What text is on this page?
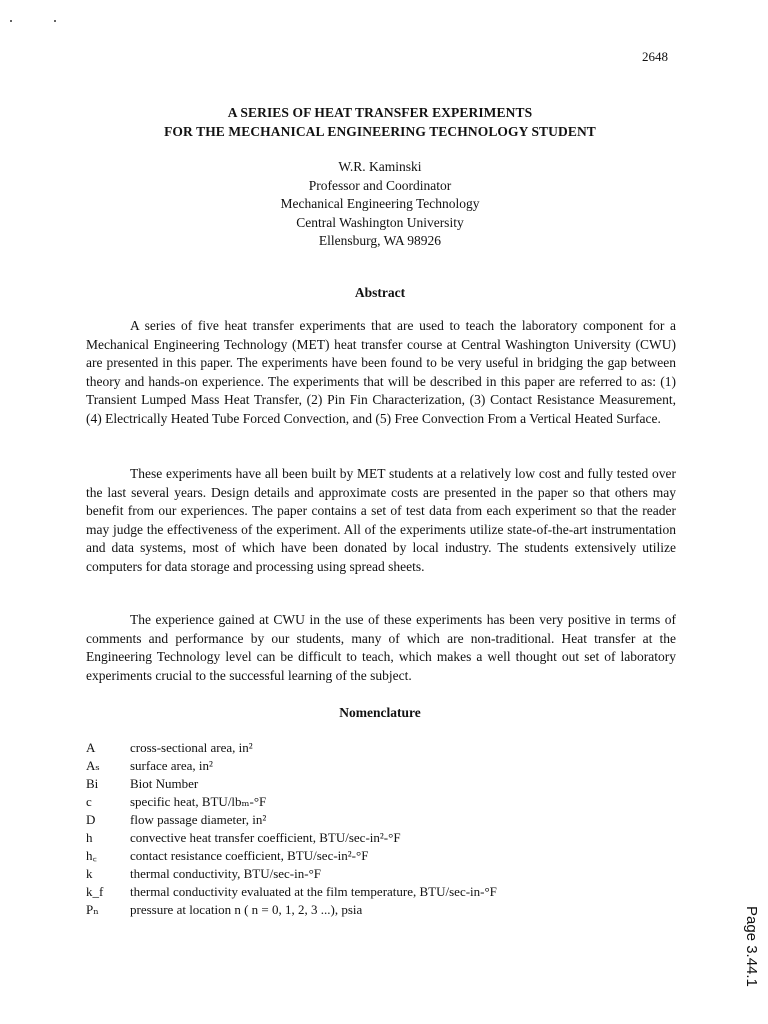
2648
A SERIES OF HEAT TRANSFER EXPERIMENTS
FOR THE MECHANICAL ENGINEERING TECHNOLOGY STUDENT
W.R. Kaminski
Professor and Coordinator
Mechanical Engineering Technology
Central Washington University
Ellensburg, WA 98926
Abstract

A series of five heat transfer experiments that are used to teach the laboratory component for a Mechanical Engineering Technology (MET) heat transfer course at Central Washington University (CWU) are presented in this paper. The experiments have been found to be very useful in bridging the gap between theory and hands-on experience. The experiments that will be described in this paper are referred to as: (1) Transient Lumped Mass Heat Transfer, (2) Pin Fin Characterization, (3) Contact Resistance Measurement, (4) Electrically Heated Tube Forced Convection, and (5) Free Convection From a Vertical Heated Surface.

These experiments have all been built by MET students at a relatively low cost and fully tested over the last several years. Design details and approximate costs are presented in the paper so that others may benefit from our experiences. The paper contains a set of test data from each experiment so that the reader may judge the effectiveness of the experiment. All of the experiments utilize state-of-the-art instrumentation and data systems, most of which have been donated by local industry. The students extensively utilize computers for data storage and processing using spread sheets.

The experience gained at CWU in the use of these experiments has been very positive in terms of comments and performance by our students, many of which are non-traditional. Heat transfer at the Engineering Technology level can be difficult to teach, which makes a well thought out set of laboratory experiments crucial to the successful learning of the subject.

Nomenclature
A	cross-sectional area, in²
Aₛ	surface area, in²
Bi	Biot Number
c	specific heat, BTU/lbₘ-°F
D	flow passage diameter, in²
h	convective heat transfer coefficient, BTU/sec-in²-°F
h꜀	contact resistance coefficient, BTU/sec-in²-°F
k	thermal conductivity, BTU/sec-in-°F
k_f	thermal conductivity evaluated at the film temperature, BTU/sec-in-°F
Pₙ	pressure at location n ( n = 0, 1, 2, 3 ...), psia	Page 3.44.1
